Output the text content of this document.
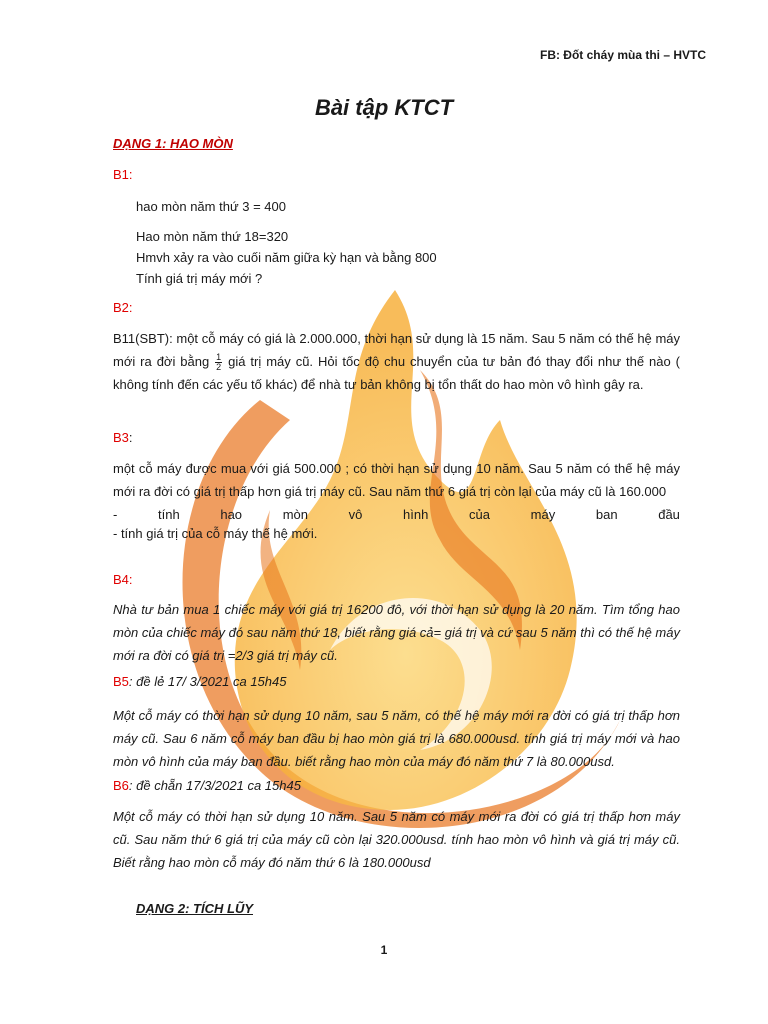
FB: Đốt cháy mùa thi – HVTC
Bài tập KTCT
DẠNG 1: HAO MÒN
B1:
hao mòn năm thứ 3 = 400
Hao mòn năm thứ 18=320
Hmvh xảy ra vào cuối năm giữa kỳ hạn và bằng 800
Tính giá trị máy mới ?
B2:
B11(SBT): một cỗ máy có giá là 2.000.000, thời hạn sử dụng là 15 năm. Sau 5 năm có thế hệ máy mới ra đời bằng $\frac{1}{2}$ giá trị máy cũ. Hỏi tốc độ chu chuyển của tư bản đó thay đổi như thế nào ( không tính đến các yếu tố khác) để nhà tư bản không bị tổn thất do hao mòn vô hình gây ra.
B3:
một cỗ máy được mua với giá 500.000 ; có thời hạn sử dụng 10 năm. Sau 5 năm có thế hệ máy mới ra đời có giá trị thấp hơn giá trị máy cũ. Sau năm thứ 6 giá trị còn lại của máy cũ là 160.000
-	tính	hao	mòn	vô	hình	của	máy	ban	đầu
- tính giá trị của cỗ máy thế hệ mới.
B4:
Nhà tư bản mua 1 chiếc máy với giá trị 16200 đô, với thời hạn sử dụng là 20 năm. Tìm tổng hao mòn của chiếc máy đó sau năm thứ 18, biết rằng giá cả= giá trị và cứ sau 5 năm thì có thế hệ máy mới ra đời có giá trị =2/3 giá trị máy cũ.
B5: đề lẻ 17/ 3/2021 ca 15h45
Một cỗ máy có thời hạn sử dụng 10 năm, sau 5 năm, có thế hệ máy mới ra đời có giá trị thấp hơn máy cũ. Sau 6 năm cỗ máy ban đầu bị hao mòn giá trị là 680.000usd. tính giá trị máy mới và hao mòn vô hình của máy ban đầu. biết rằng hao mòn của máy đó năm thứ 7 là 80.000usd.
B6: đề chẵn 17/3/2021 ca 15h45
Một cỗ máy có thời hạn sử dụng 10 năm. Sau 5 năm có máy mới ra đời có giá trị thấp hơn máy cũ. Sau năm thứ 6 giá trị của máy cũ còn lại 320.000usd. tính hao mòn vô hình và giá trị máy cũ. Biết rằng hao mòn cỗ máy đó năm thứ 6 là 180.000usd
DẠNG 2: TÍCH LŨY
1
